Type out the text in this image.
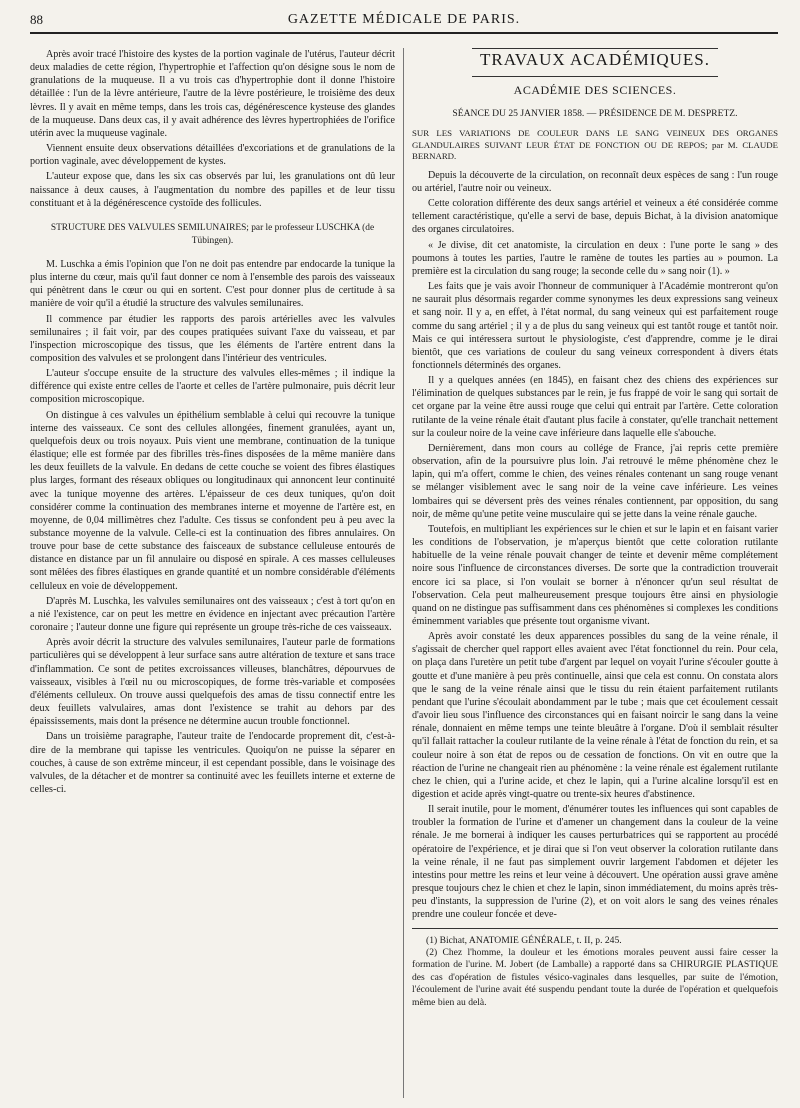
88	GAZETTE MÉDICALE DE PARIS.

Après avoir tracé l'histoire des kystes de la portion vaginale de l'utérus, l'auteur décrit deux maladies de cette région, l'hypertrophie et l'affection qu'on désigne sous le nom de granulations de la muqueuse. Il a vu trois cas d'hypertrophie dont il donne l'histoire détaillée : l'un de la lèvre antérieure, l'autre de la lèvre postérieure, le troisième des deux lèvres. Il y avait en même temps, dans les trois cas, dégénérescence kysteuse des glandes de la muqueuse. Dans deux cas, il y avait adhérence des lèvres hypertrophiées de l'orifice utérin avec la muqueuse vaginale.

Viennent ensuite deux observations détaillées d'excoriations et de granulations de la portion vaginale, avec développement de kystes.

L'auteur expose que, dans les six cas observés par lui, les granulations ont dû leur naissance à deux causes, à l'augmentation du nombre des papilles et de leur tissu constituant et à la dégénérescence cystoïde des follicules.

STRUCTURE DES VALVULES SEMILUNAIRES; par le professeur LUSCHKA (de Tübingen).

M. Luschka a émis l'opinion que l'on ne doit pas entendre par endocarde la tunique la plus interne du cœur, mais qu'il faut donner ce nom à l'ensemble des parois des vaisseaux qui pénètrent dans le cœur ou qui en sortent. C'est pour donner plus de certitude à sa manière de voir qu'il a étudié la structure des valvules semilunaires.

Il commence par étudier les rapports des parois artérielles avec les valvules semilunaires ; il fait voir, par des coupes pratiquées suivant l'axe du vaisseau, et par l'inspection microscopique des tissus, que les éléments de l'artère entrent dans la composition des valvules et se prolongent dans l'intérieur des ventricules.

L'auteur s'occupe ensuite de la structure des valvules elles-mêmes ; il indique la différence qui existe entre celles de l'aorte et celles de l'artère pulmonaire, puis décrit leur composition microscopique.

On distingue à ces valvules un épithélium semblable à celui qui recouvre la tunique interne des vaisseaux. Ce sont des cellules allongées, finement granulées, ayant un, quelquefois deux ou trois noyaux. Puis vient une membrane, continuation de la tunique élastique; elle est formée par des fibrilles très-fines disposées de la même manière dans les deux feuillets de la valvule. En dedans de cette couche se voient des fibres élastiques plus larges, formant des réseaux obliques ou longitudinaux qui annoncent leur continuité avec la tunique moyenne des artères. L'épaisseur de ces deux tuniques, qu'on doit considérer comme la continuation des membranes interne et moyenne de l'artère est, en moyenne, de 0,04 millimètres chez l'adulte. Ces tissus se confondent peu à peu avec la substance moyenne de la valvule. Celle-ci est la continuation des fibres annulaires. On trouve pour base de cette substance des faisceaux de substance celluleuse entourés de distance en distance par un fil annulaire ou disposé en spirale. A ces masses celluleuses sont mêlées des fibres élastiques en grande quantité et un nombre considérable d'éléments celluleux en voie de développement.

D'après M. Luschka, les valvules semilunaires ont des vaisseaux ; c'est à tort qu'on en a nié l'existence, car on peut les mettre en évidence en injectant avec précaution l'artère coronaire ; l'auteur donne une figure qui représente un groupe très-riche de ces vaisseaux.

Après avoir décrit la structure des valvules semilunaires, l'auteur parle de formations particulières qui se développent à leur surface sans autre altération de texture et sans trace d'inflammation. Ce sont de petites excroissances villeuses, blanchâtres, dépourvues de vaisseaux, visibles à l'œil nu ou microscopiques, de forme très-variable et composées d'éléments celluleux. On trouve aussi quelquefois des amas de tissu connectif entre les deux feuillets valvulaires, amas dont l'existence se trahit au dehors par des épaississements, mais dont la présence ne détermine aucun trouble fonctionnel.

Dans un troisième paragraphe, l'auteur traite de l'endocarde proprement dit, c'est-à-dire de la membrane qui tapisse les ventricules. Quoiqu'on ne puisse la séparer en couches, à cause de son extrême minceur, il est cependant possible, dans le voisinage des valvules, de la détacher et de montrer sa continuité avec les feuillets interne et externe de celles-ci.

TRAVAUX ACADÉMIQUES.

ACADÉMIE DES SCIENCES.

SÉANCE DU 25 JANVIER 1858. — PRÉSIDENCE DE M. DESPRETZ.

SUR LES VARIATIONS DE COULEUR DANS LE SANG VEINEUX DES ORGANES GLANDULAIRES SUIVANT LEUR ÉTAT DE FONCTION OU DE REPOS; par M. CLAUDE BERNARD.

Depuis la découverte de la circulation, on reconnaît deux espèces de sang : l'un rouge ou artériel, l'autre noir ou veineux.

Cette coloration différente des deux sangs artériel et veineux a été considérée comme tellement caractéristique, qu'elle a servi de base, depuis Bichat, à la division anatomique des organes circulatoires.

« Je divise, dit cet anatomiste, la circulation en deux : l'une porte le sang » des poumons à toutes les parties, l'autre le ramène de toutes les parties au » poumon. La première est la circulation du sang rouge; la seconde celle du » sang noir (1). »

Les faits que je vais avoir l'honneur de communiquer à l'Académie montreront qu'on ne saurait plus désormais regarder comme synonymes les deux expressions sang veineux et sang noir. Il y a, en effet, à l'état normal, du sang veineux qui est parfaitement rouge comme du sang artériel ; il y a de plus du sang veineux qui est tantôt rouge et tantôt noir. Mais ce qui intéressera surtout le physiologiste, c'est d'apprendre, comme je le dirai bientôt, que ces variations de couleur du sang veineux correspondent à divers états fonctionnels déterminés des organes.

Il y a quelques années (en 1845), en faisant chez des chiens des expériences sur l'élimination de quelques substances par le rein, je fus frappé de voir le sang qui sortait de cet organe par la veine être aussi rouge que celui qui entrait par l'artère. Cette coloration rutilante de la veine rénale était d'autant plus facile à constater, qu'elle tranchait nettement sur la couleur noire de la veine cave inférieure dans laquelle elle s'abouche.

Dernièrement, dans mon cours au collége de France, j'ai repris cette première observation, afin de la poursuivre plus loin. J'ai retrouvé le même phénomène chez le lapin, qui m'a offert, comme le chien, des veines rénales contenant un sang rouge venant se mélanger visiblement avec le sang noir de la veine cave inférieure. Les veines lombaires qui se déversent près des veines rénales contiennent, par opposition, du sang noir, de même qu'une petite veine musculaire qui se jette dans la veine rénale gauche.

Toutefois, en multipliant les expériences sur le chien et sur le lapin et en faisant varier les conditions de l'observation, je m'aperçus bientôt que cette coloration rutilante habituelle de la veine rénale pouvait changer de teinte et devenir même complétement noire sous l'influence de circonstances diverses. De sorte que la contradiction trouverait encore ici sa place, si l'on voulait se borner à n'énoncer qu'un seul résultat de l'observation. Cela peut malheureusement presque toujours être ainsi en physiologie quand on ne distingue pas suffisamment dans ces phénomènes si complexes les conditions éminemment variables que présente tout organisme vivant.

Après avoir constaté les deux apparences possibles du sang de la veine rénale, il s'agissait de chercher quel rapport elles avaient avec l'état fonctionnel du rein. Pour cela, on plaça dans l'uretère un petit tube d'argent par lequel on voyait l'urine s'écouler goutte à goutte et d'une manière à peu près continuelle, ainsi que cela est connu. On constata alors que le sang de la veine rénale ainsi que le tissu du rein étaient parfaitement rutilants pendant que l'urine s'écoulait abondamment par le tube ; mais que cet écoulement cessait d'avoir lieu sous l'influence des circonstances qui en faisant noircir le sang dans la veine rénale, donnaient en même temps une teinte bleuâtre à l'organe. D'où il semblait résulter qu'il fallait rattacher la couleur rutilante de la veine rénale à l'état de fonction du rein, et sa couleur noire à son état de repos ou de cessation de fonctions. On vit en outre que la réaction de l'urine ne changeait rien au phénomène : la veine rénale est également rutilante chez le chien, qui a l'urine acide, et chez le lapin, qui a l'urine alcaline lorsqu'il est en digestion et acide après vingt-quatre ou trente-six heures d'abstinence.

Il serait inutile, pour le moment, d'énumérer toutes les influences qui sont capables de troubler la formation de l'urine et d'amener un changement dans la couleur de la veine rénale. Je me bornerai à indiquer les causes perturbatrices qui se rapportent au procédé opératoire de l'expérience, et je dirai que si l'on veut observer la coloration rutilante dans la veine rénale, il ne faut pas simplement ouvrir largement l'abdomen et déjeter les intestins pour mettre les reins et leur veine à découvert. Une opération aussi grave amène presque toujours chez le chien et chez le lapin, sinon immédiatement, du moins après très-peu d'instants, la suppression de l'urine (2), et on voit alors le sang des veines rénales prendre une couleur foncée et deve-

(1) Bichat, ANATOMIE GÉNÉRALE, t. II, p. 245.

(2) Chez l'homme, la douleur et les émotions morales peuvent aussi faire cesser la formation de l'urine. M. Jobert (de Lamballe) a rapporté dans sa CHIRURGIE PLASTIQUE des cas d'opération de fistules vésico-vaginales dans lesquelles, par suite de l'émotion, l'écoulement de l'urine avait été suspendu pendant toute la durée de l'opération et quelquefois même bien au delà.
